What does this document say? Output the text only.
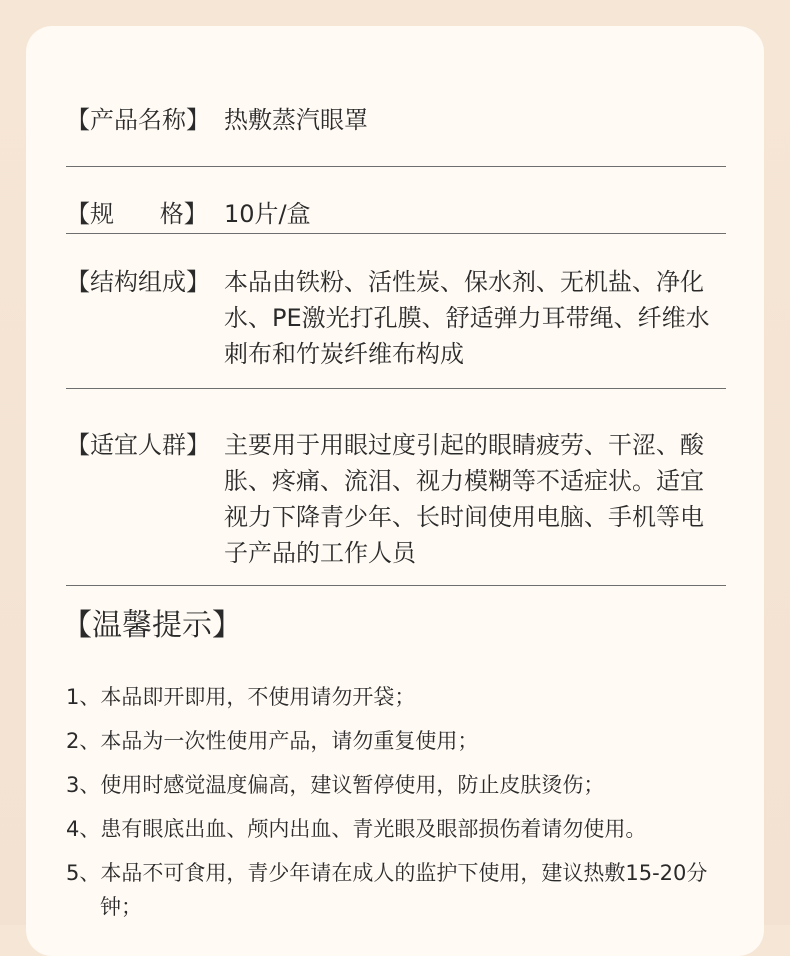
【产品名称】 热敷蒸汽眼罩
【规      格】 10片/盒
【结构组成】 本品由铁粉、活性炭、保水剂、无机盐、净化水、PE激光打孔膜、舒适弹力耳带绳、纤维水刺布和竹炭纤维布构成
【适宜人群】 主要用于用眼过度引起的眼睛疲劳、干涩、酸胀、疼痛、流泪、视力模糊等不适症状。适宜视力下降青少年、长时间使用电脑、手机等电子产品的工作人员
【温馨提示】
1、本品即开即用，不使用请勿开袋；
2、本品为一次性使用产品，请勿重复使用；
3、使用时感觉温度偏高，建议暂停使用，防止皮肤烫伤；
4、患有眼底出血、颅内出血、青光眼及眼部损伤着请勿使用。
5、本品不可食用，青少年请在成人的监护下使用，建议热敷15-20分钟；
